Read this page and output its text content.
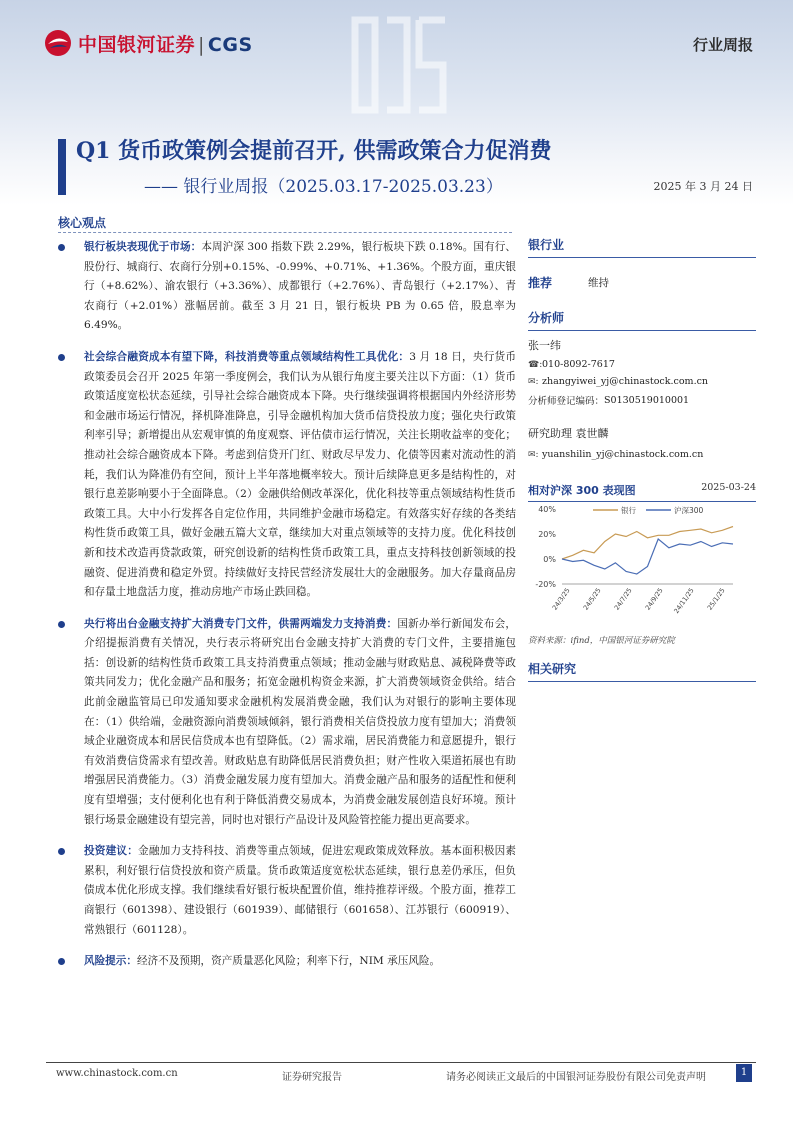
中国银河证券 | CGS	行业周报
Q1 货币政策例会提前召开, 供需政策合力促消费
—— 银行业周报（2025.03.17-2025.03.23）	2025 年 3 月 24 日
核心观点
银行板块表现优于市场：本周沪深 300 指数下跌 2.29%，银行板块下跌 0.18%。国有行、股份行、城商行、农商行分别+0.15%、-0.99%、+0.71%、+1.36%。个股方面，重庆银行（+8.62%）、渝农银行（+3.36%）、成都银行（+2.76%）、青岛银行（+2.17%）、青农商行（+2.01%）涨幅居前。截至 3 月 21 日，银行板块 PB 为 0.65 倍，股息率为 6.49%。
社会综合融资成本有望下降，科技消费等重点领域结构性工具优化：3 月 18 日，央行货币政策委员会召开 2025 年第一季度例会，我们认为从银行角度主要关注以下方面：（1）货币政策适度宽松状态延续，引导社会综合融资成本下降。央行继续强调将根据国内外经济形势和金融市场运行情况，择机降准降息，引导金融机构加大货币信贷投放力度；强化央行政策利率引导；新增提出从宏观审慎的角度观察、评估债市运行情况，关注长期收益率的变化；推动社会综合融资成本下降。考虑到信贷开门红、财政尽早发力、化债等因素对流动性的消耗，我们认为降准仍有空间，预计上半年落地概率较大。预计后续降息更多是结构性的，对银行息差影响要小于全面降息。（2）金融供给侧改革深化，优化科技等重点领域结构性货币政策工具。大中小行发挥各自定位作用，共同维护金融市场稳定。有效落实好存续的各类结构性货币政策工具，做好金融五篇大文章，继续加大对重点领域等的支持力度。优化科技创新和技术改造再贷款政策，研究创设新的结构性货币政策工具，重点支持科技创新领域的投融资、促进消费和稳定外贸。持续做好支持民营经济发展壮大的金融服务。加大存量商品房和存量土地盘活力度，推动房地产市场止跌回稳。
央行将出台金融支持扩大消费专门文件，供需两端发力支持消费：国新办举行新闻发布会，介绍提振消费有关情况，央行表示将研究出台金融支持扩大消费的专门文件，主要措施包括：创设新的结构性货币政策工具支持消费重点领域；推动金融与财政贴息、减税降费等政策共同发力；优化金融产品和服务；拓宽金融机构资金来源，扩大消费领域资金供给。结合此前金融监管局已印发通知要求金融机构发展消费金融，我们认为对银行的影响主要体现在：（1）供给端，金融资源向消费领域倾斜，银行消费相关信贷投放力度有望加大；消费领域企业融资成本和居民信贷成本也有望降低。（2）需求端，居民消费能力和意愿提升，银行有效消费信贷需求有望改善。财政贴息有助降低居民消费负担；财产性收入渠道拓展也有助增强居民消费能力。（3）消费金融发展力度有望加大。消费金融产品和服务的适配性和便利度有望增强；支付便利化也有利于降低消费交易成本，为消费金融发展创造良好环境。预计银行场景金融建设有望完善，同时也对银行产品设计及风险管控能力提出更高要求。
投资建议：金融加力支持科技、消费等重点领域，促进宏观政策成效释放。基本面积极因素累积，利好银行信贷投放和资产质量。货币政策适度宽松状态延续，银行息差仍承压，但负债成本优化形成支撑。我们继续看好银行板块配置价值，维持推荐评级。个股方面，推荐工商银行（601398）、建设银行（601939）、邮储银行（601658）、江苏银行（600919）、常熟银行（601128）。
风险提示：经济不及预期，资产质量恶化风险；利率下行，NIM 承压风险。
银行业
推荐	维持
分析师
张一纬
☎: 010-8092-7617
✉: zhangyiwei_yj@chinastock.com.cn
分析师登记编码： S0130519010001
研究助理 袁世麟
✉: yuanshilin_yj@chinastock.com.cn
相对沪深 300 表现图	2025-03-24
40%
20%
0%
-20%
银行	沪深300
24/3/25 24/5/25 24/7/25 24/9/25 24/11/25 25/1/25
资料来源：ifind，中国银河证券研究院
相关研究
www.chinastock.com.cn	证券研究报告	请务必阅读正文最后的中国银河证券股份有限公司免责声明	1
